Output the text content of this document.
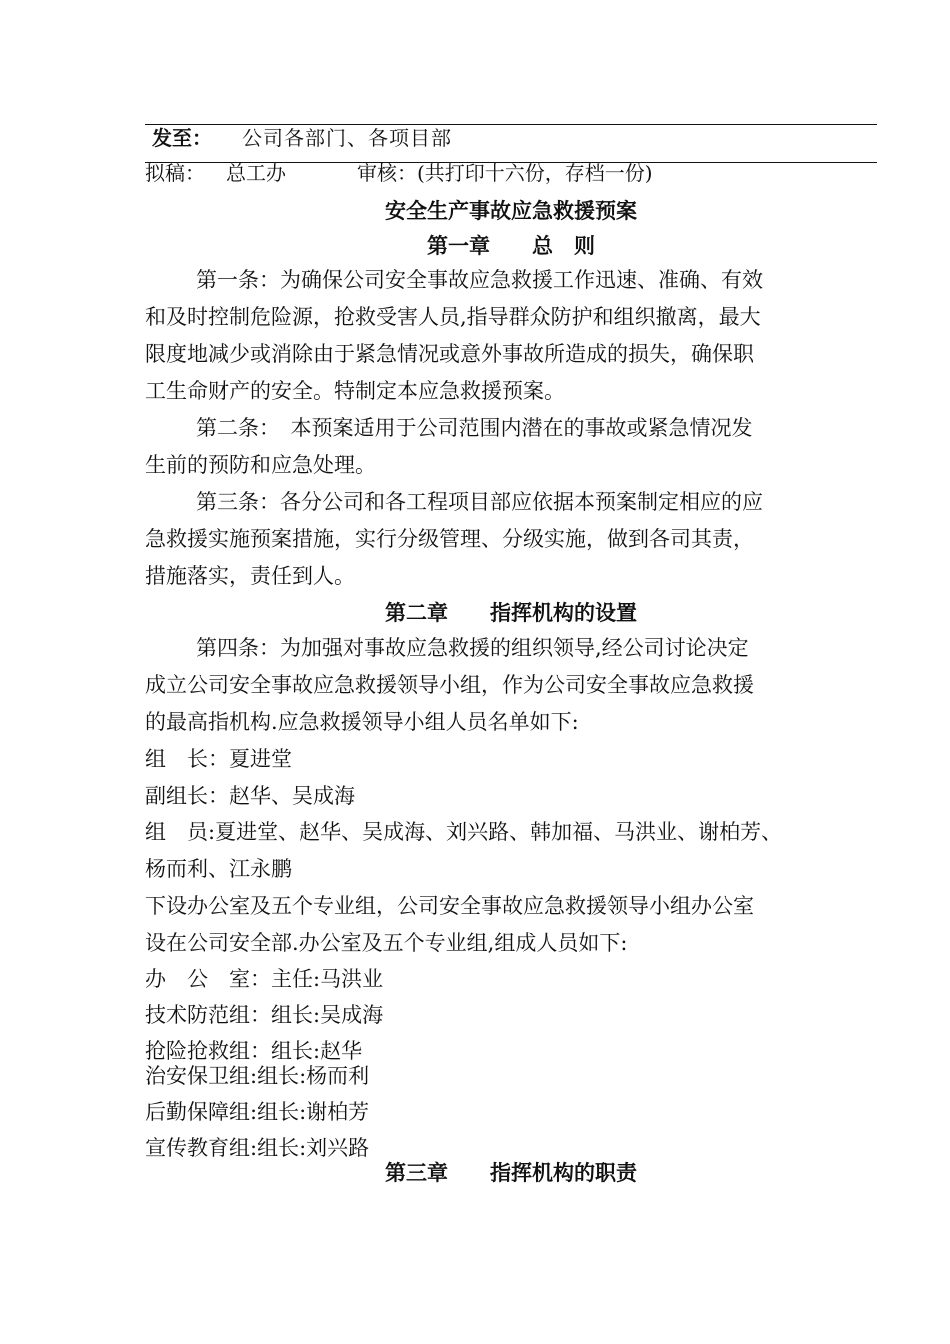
发至： 公司各部门、各项目部
拟稿： 总工办	审核：(共打印十六份，存档一份)
安全生产事故应急救援预案
第一章　　总　则
第一条：为确保公司安全事故应急救援工作迅速、准确、有效
和及时控制危险源，抢救受害人员,指导群众防护和组织撤离，最大
限度地减少或消除由于紧急情况或意外事故所造成的损失，确保职
工生命财产的安全。特制定本应急救援预案。
第二条：　本预案适用于公司范围内潜在的事故或紧急情况发
生前的预防和应急处理。
第三条：各分公司和各工程项目部应依据本预案制定相应的应
急救援实施预案措施，实行分级管理、分级实施，做到各司其责，
措施落实，责任到人。
第二章　　指挥机构的设置
第四条：为加强对事故应急救援的组织领导,经公司讨论决定
成立公司安全事故应急救援领导小组，作为公司安全事故应急救援
的最高指机构.应急救援领导小组人员名单如下:
组　长：夏进堂
副组长：赵华、吴成海
组　员:夏进堂、赵华、吴成海、刘兴路、韩加福、马洪业、谢柏芳、
杨而利、江永鹏
下设办公室及五个专业组，公司安全事故应急救援领导小组办公室
设在公司安全部.办公室及五个专业组,组成人员如下:
办　公　室：主任:马洪业
技术防范组：组长:吴成海
抢险抢救组：组长:赵华
治安保卫组:组长:杨而利
后勤保障组:组长:谢柏芳
宣传教育组:组长:刘兴路
第三章　　指挥机构的职责
